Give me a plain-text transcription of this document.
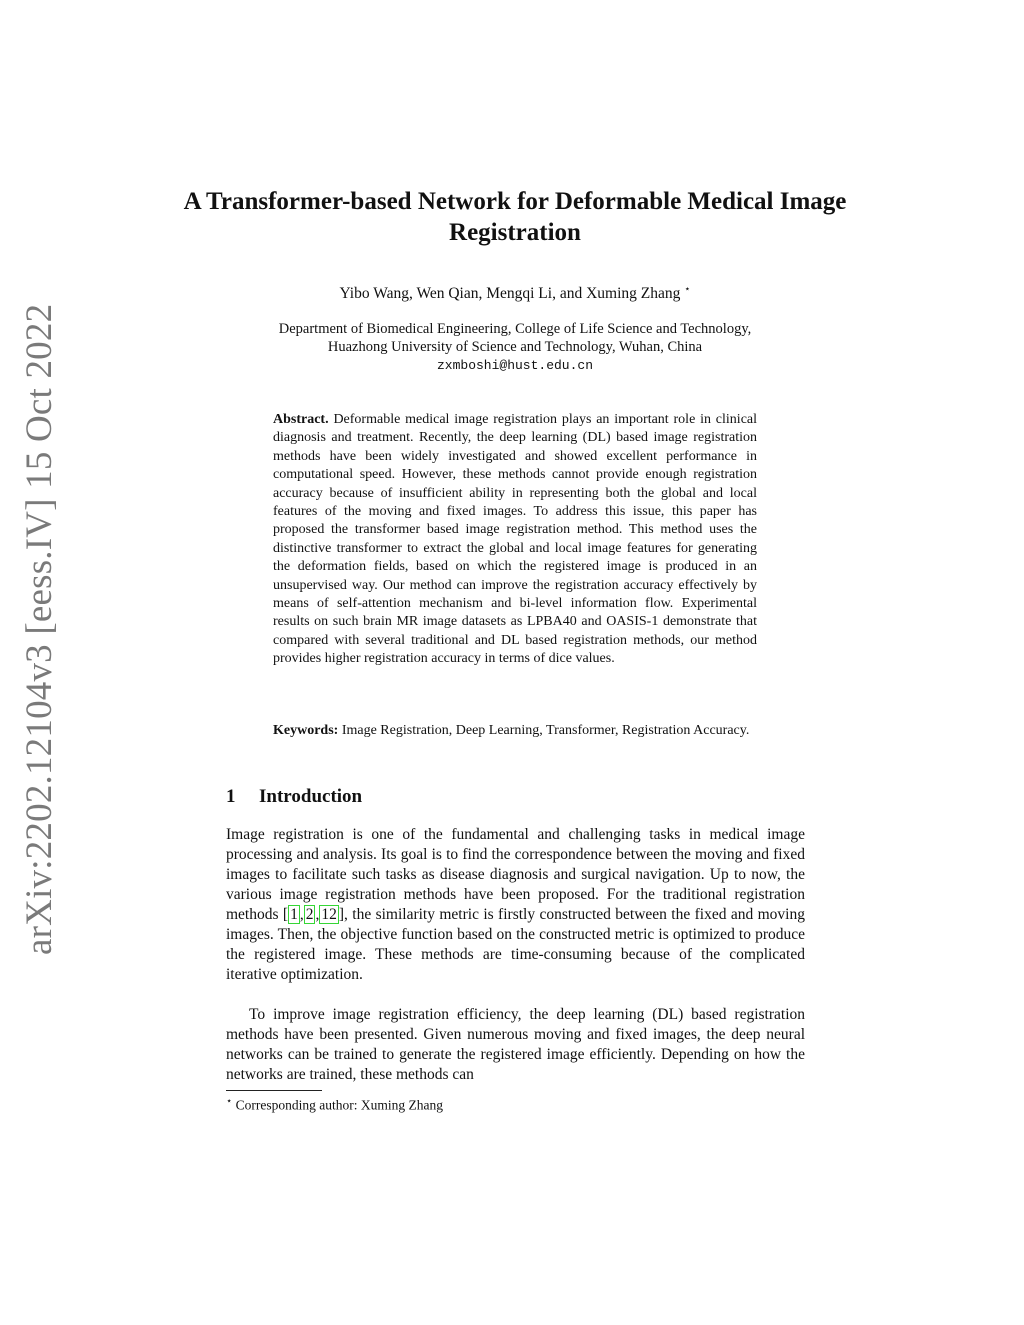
arXiv:2202.12104v3 [eess.IV] 15 Oct 2022
A Transformer-based Network for Deformable Medical Image Registration
Yibo Wang, Wen Qian, Mengqi Li, and Xuming Zhang ⋆
Department of Biomedical Engineering, College of Life Science and Technology,
Huazhong University of Science and Technology, Wuhan, China
zxmboshi@hust.edu.cn
Abstract. Deformable medical image registration plays an important role in clinical diagnosis and treatment. Recently, the deep learning (DL) based image registration methods have been widely investigated and showed excellent performance in computational speed. However, these methods cannot provide enough registration accuracy because of insufficient ability in representing both the global and local features of the moving and fixed images. To address this issue, this paper has proposed the transformer based image registration method. This method uses the distinctive transformer to extract the global and local image features for generating the deformation fields, based on which the registered image is produced in an unsupervised way. Our method can improve the registration accuracy effectively by means of self-attention mechanism and bi-level information flow. Experimental results on such brain MR image datasets as LPBA40 and OASIS-1 demonstrate that compared with several traditional and DL based registration methods, our method provides higher registration accuracy in terms of dice values.
Keywords: Image Registration, Deep Learning, Transformer, Registration Accuracy.
1 Introduction
Image registration is one of the fundamental and challenging tasks in medical image processing and analysis. Its goal is to find the correspondence between the moving and fixed images to facilitate such tasks as disease diagnosis and surgical navigation. Up to now, the various image registration methods have been proposed. For the traditional registration methods [ 1 , 2 , 12 ], the similarity metric is firstly constructed between the fixed and moving images. Then, the objective function based on the constructed metric is optimized to produce the registered image. These methods are time-consuming because of the complicated iterative optimization.
To improve image registration efficiency, the deep learning (DL) based registration methods have been presented. Given numerous moving and fixed images, the deep neural networks can be trained to generate the registered image efficiently. Depending on how the networks are trained, these methods can
⋆ Corresponding author: Xuming Zhang
